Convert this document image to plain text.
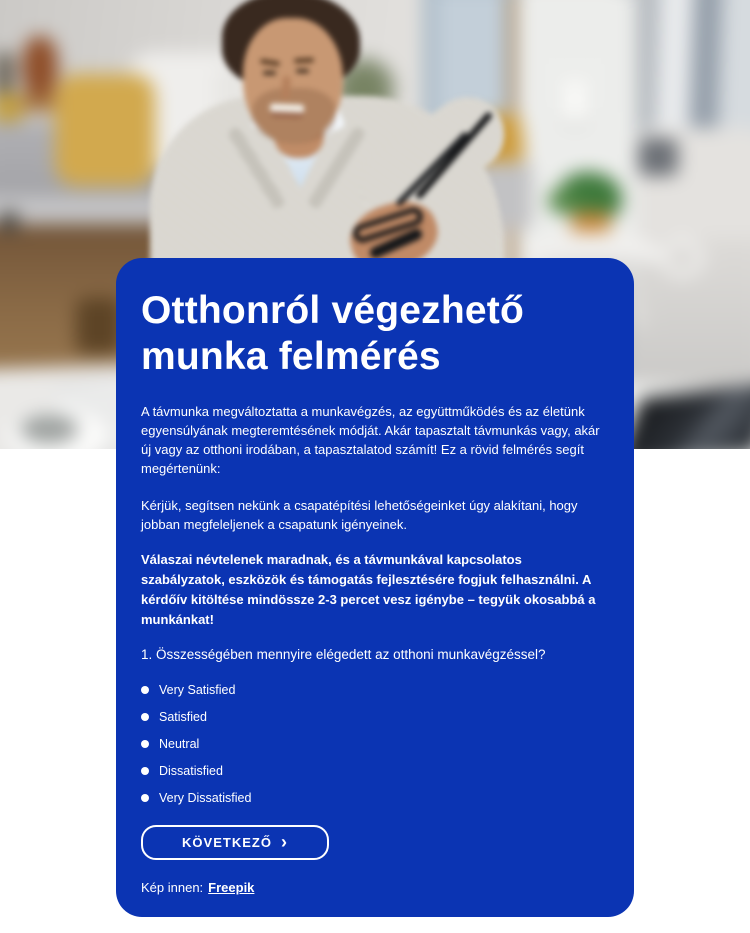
Otthonról végezhető munka felmérés

A távmunka megváltoztatta a munkavégzés, az együttműködés és az életünk egyensúlyának megteremtésének módját. Akár tapasztalt távmunkás vagy, akár új vagy az otthoni irodában, a tapasztalatod számít! Ez a rövid felmérés segít megértenünk:

Kérjük, segítsen nekünk a csapatépítési lehetőségeinket úgy alakítani, hogy jobban megfeleljenek a csapatunk igényeinek.

Válaszai névtelenek maradnak, és a távmunkával kapcsolatos szabályzatok, eszközök és támogatás fejlesztésére fogjuk felhasználni. A kérdőív kitöltése mindössze 2-3 percet vesz igénybe – tegyük okosabbá a munkánkat!

1. Összességében mennyire elégedett az otthoni munkavégzéssel?

Very Satisfied
Satisfied
Neutral
Dissatisfied
Very Dissatisfied
KÖVETKEZŐ ›

Kép innen: Freepik
